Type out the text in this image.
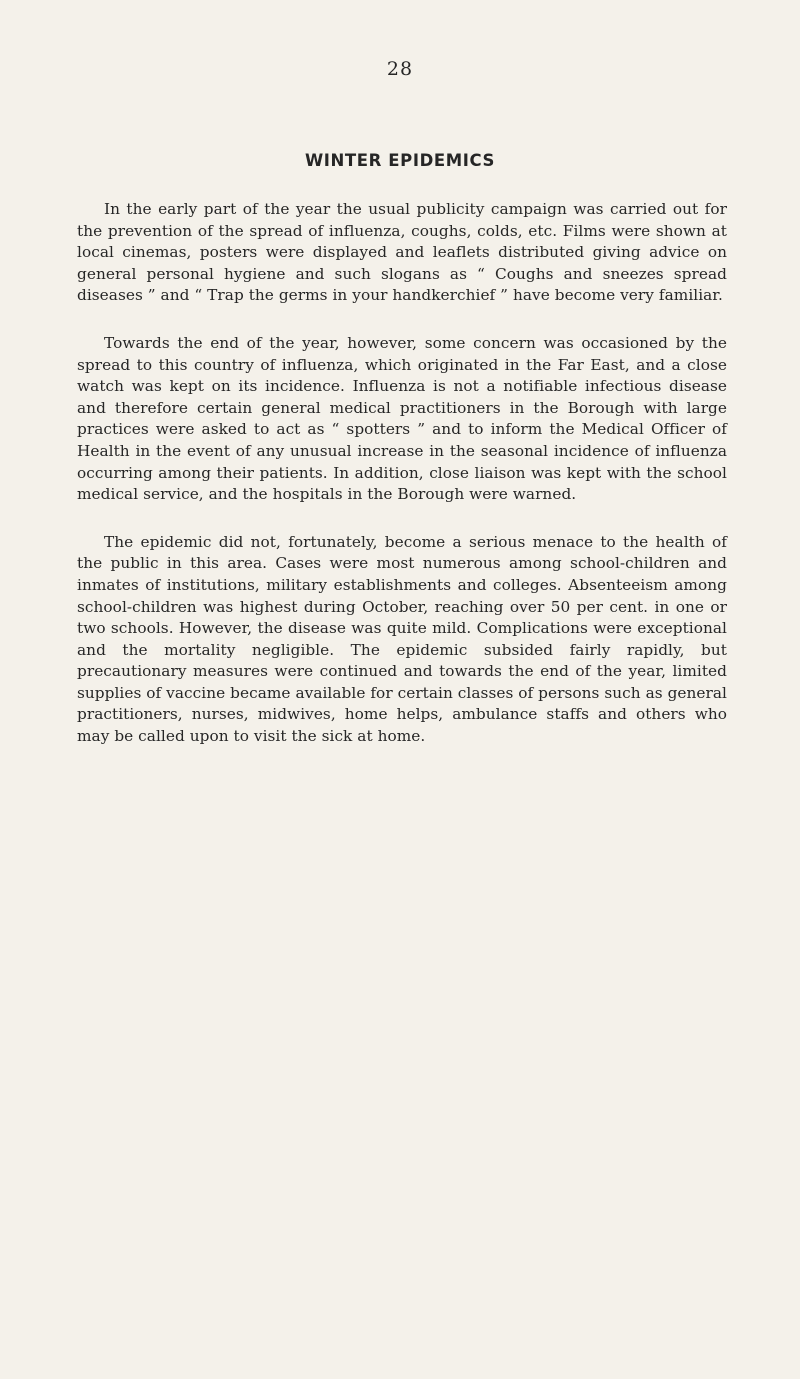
28
WINTER EPIDEMICS

In the early part of the year the usual publicity campaign was carried out for the prevention of the spread of influenza, coughs, colds, etc. Films were shown at local cinemas, posters were displayed and leaflets distributed giving advice on general personal hygiene and such slogans as “ Coughs and sneezes spread diseases ” and “ Trap the germs in your handkerchief ” have become very familiar.

Towards the end of the year, however, some concern was occasioned by the spread to this country of influenza, which originated in the Far East, and a close watch was kept on its incidence. Influenza is not a notifiable infectious disease and therefore certain general medical practitioners in the Borough with large practices were asked to act as “ spotters ” and to inform the Medical Officer of Health in the event of any unusual increase in the seasonal incidence of influenza occurring among their patients. In addition, close liaison was kept with the school medical service, and the hospitals in the Borough were warned.

The epidemic did not, fortunately, become a serious menace to the health of the public in this area. Cases were most numerous among school-children and inmates of institutions, military establishments and colleges. Absenteeism among school-children was highest during October, reaching over 50 per cent. in one or two schools. However, the disease was quite mild. Complications were exceptional and the mortality negligible. The epidemic subsided fairly rapidly, but precautionary measures were continued and towards the end of the year, limited supplies of vaccine became available for certain classes of persons such as general practitioners, nurses, midwives, home helps, ambulance staffs and others who may be called upon to visit the sick at home.
